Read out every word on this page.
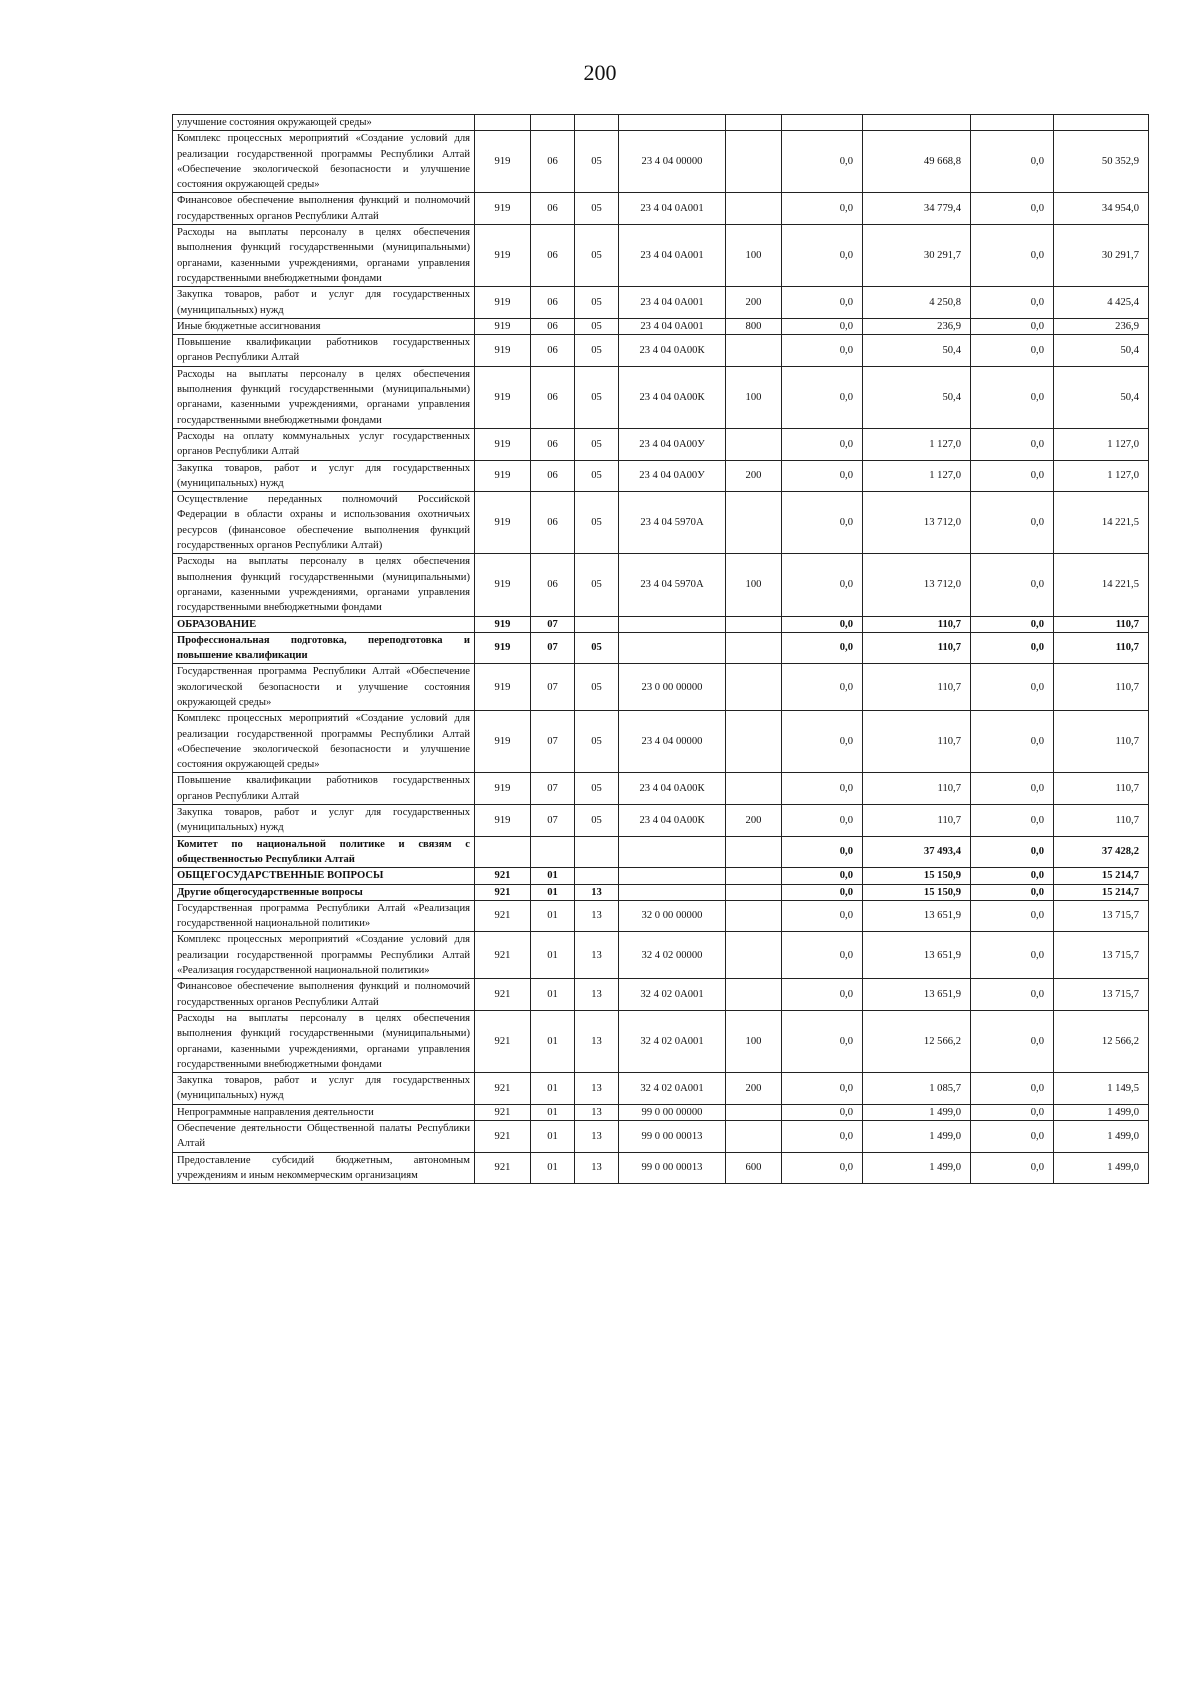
200
улучшение состояния окружающей среды»									
Комплекс процессных мероприятий «Создание условий для реализации государственной программы Республики Алтай «Обеспечение экологической безопасности и улучшение состояния окружающей среды»	919	06	05	23 4 04 00000		0,0	49 668,8	0,0	50 352,9
Финансовое обеспечение выполнения функций и полномочий государственных органов Республики Алтай	919	06	05	23 4 04 0А001		0,0	34 779,4	0,0	34 954,0
Расходы на выплаты персоналу в целях обеспечения выполнения функций государственными (муниципальными) органами, казенными учреждениями, органами управления государственными внебюджетными фондами	919	06	05	23 4 04 0А001	100	0,0	30 291,7	0,0	30 291,7
Закупка товаров, работ и услуг для государственных (муниципальных) нужд	919	06	05	23 4 04 0А001	200	0,0	4 250,8	0,0	4 425,4
Иные бюджетные ассигнования	919	06	05	23 4 04 0А001	800	0,0	236,9	0,0	236,9
Повышение квалификации работников государственных органов Республики Алтай	919	06	05	23 4 04 0А00К		0,0	50,4	0,0	50,4
Расходы на выплаты персоналу в целях обеспечения выполнения функций государственными (муниципальными) органами, казенными учреждениями, органами управления государственными внебюджетными фондами	919	06	05	23 4 04 0А00К	100	0,0	50,4	0,0	50,4
Расходы на оплату коммунальных услуг государственных органов Республики Алтай	919	06	05	23 4 04 0А00У		0,0	1 127,0	0,0	1 127,0
Закупка товаров, работ и услуг для государственных (муниципальных) нужд	919	06	05	23 4 04 0А00У	200	0,0	1 127,0	0,0	1 127,0
Осуществление переданных полномочий Российской Федерации в области охраны и использования охотничьих ресурсов (финансовое обеспечение выполнения функций государственных органов Республики Алтай)	919	06	05	23 4 04 5970А		0,0	13 712,0	0,0	14 221,5
Расходы на выплаты персоналу в целях обеспечения выполнения функций государственными (муниципальными) органами, казенными учреждениями, органами управления государственными внебюджетными фондами	919	06	05	23 4 04 5970А	100	0,0	13 712,0	0,0	14 221,5
ОБРАЗОВАНИЕ	919	07				0,0	110,7	0,0	110,7
Профессиональная подготовка, переподготовка и повышение квалификации	919	07	05			0,0	110,7	0,0	110,7
Государственная программа Республики Алтай «Обеспечение экологической безопасности и улучшение состояния окружающей среды»	919	07	05	23 0 00 00000		0,0	110,7	0,0	110,7
Комплекс процессных мероприятий «Создание условий для реализации государственной программы Республики Алтай «Обеспечение экологической безопасности и улучшение состояния окружающей среды»	919	07	05	23 4 04 00000		0,0	110,7	0,0	110,7
Повышение квалификации работников государственных органов Республики Алтай	919	07	05	23 4 04 0А00К		0,0	110,7	0,0	110,7
Закупка товаров, работ и услуг для государственных (муниципальных) нужд	919	07	05	23 4 04 0А00К	200	0,0	110,7	0,0	110,7
Комитет по национальной политике и связям с общественностью Республики Алтай						0,0	37 493,4	0,0	37 428,2
ОБЩЕГОСУДАРСТВЕННЫЕ ВОПРОСЫ	921	01				0,0	15 150,9	0,0	15 214,7
Другие общегосударственные вопросы	921	01	13			0,0	15 150,9	0,0	15 214,7
Государственная программа Республики Алтай «Реализация государственной национальной политики»	921	01	13	32 0 00 00000		0,0	13 651,9	0,0	13 715,7
Комплекс процессных мероприятий «Создание условий для реализации государственной программы Республики Алтай «Реализация государственной национальной политики»	921	01	13	32 4 02 00000		0,0	13 651,9	0,0	13 715,7
Финансовое обеспечение выполнения функций и полномочий государственных органов Республики Алтай	921	01	13	32 4 02 0А001		0,0	13 651,9	0,0	13 715,7
Расходы на выплаты персоналу в целях обеспечения выполнения функций государственными (муниципальными) органами, казенными учреждениями, органами управления государственными внебюджетными фондами	921	01	13	32 4 02 0А001	100	0,0	12 566,2	0,0	12 566,2
Закупка товаров, работ и услуг для государственных (муниципальных) нужд	921	01	13	32 4 02 0А001	200	0,0	1 085,7	0,0	1 149,5
Непрограммные направления деятельности	921	01	13	99 0 00 00000		0,0	1 499,0	0,0	1 499,0
Обеспечение деятельности Общественной палаты Республики Алтай	921	01	13	99 0 00 00013		0,0	1 499,0	0,0	1 499,0
Предоставление субсидий бюджетным, автономным учреждениям и иным некоммерческим организациям	921	01	13	99 0 00 00013	600	0,0	1 499,0	0,0	1 499,0
